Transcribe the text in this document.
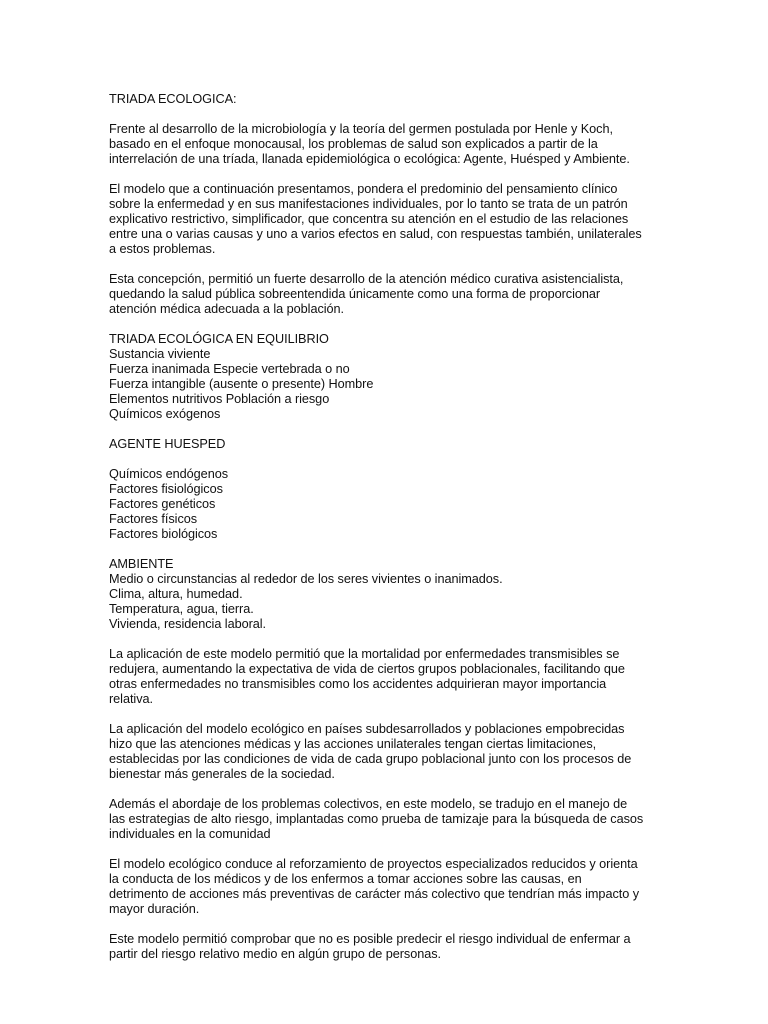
TRIADA ECOLOGICA:
Frente al desarrollo de la microbiología y la teoría del germen postulada por Henle y Koch,
basado en el enfoque monocausal, los problemas de salud son explicados a partir de la
interrelación de una tríada, llanada epidemiológica o ecológica: Agente, Huésped y Ambiente.
El modelo que a continuación presentamos, pondera el predominio del pensamiento clínico
sobre la enfermedad y en sus manifestaciones individuales, por lo tanto se trata de un patrón
explicativo restrictivo, simplificador, que concentra su atención en el estudio de las relaciones
entre una o varias causas y uno a varios efectos en salud, con respuestas también, unilaterales
a estos problemas.
Esta concepción, permitió un fuerte desarrollo de la atención médico curativa asistencialista,
quedando la salud pública sobreentendida únicamente como una forma de proporcionar
atención médica adecuada a la población.
TRIADA ECOLÓGICA EN EQUILIBRIO
Sustancia viviente
Fuerza inanimada Especie vertebrada o no
Fuerza intangible (ausente o presente) Hombre
Elementos nutritivos Población a riesgo
Químicos exógenos
AGENTE HUESPED
Químicos endógenos
Factores fisiológicos
Factores genéticos
Factores físicos
Factores biológicos
AMBIENTE
Medio o circunstancias al rededor de los seres vivientes o inanimados.
Clima, altura, humedad.
Temperatura, agua, tierra.
Vivienda, residencia laboral.
La aplicación de este modelo permitió que la mortalidad por enfermedades transmisibles se
redujera, aumentando la expectativa de vida de ciertos grupos poblacionales, facilitando que
otras enfermedades no transmisibles como los accidentes adquirieran mayor importancia
relativa.
La aplicación del modelo ecológico en países subdesarrollados y poblaciones empobrecidas
hizo que las atenciones médicas y las acciones unilaterales tengan ciertas limitaciones,
establecidas por las condiciones de vida de cada grupo poblacional junto con los procesos de
bienestar más generales de la sociedad.
Además el abordaje de los problemas colectivos, en este modelo, se tradujo en el manejo de
las estrategias de alto riesgo, implantadas como prueba de tamizaje para la búsqueda de casos
individuales en la comunidad
El modelo ecológico conduce al reforzamiento de proyectos especializados reducidos y orienta
la conducta de los médicos y de los enfermos a tomar acciones sobre las causas, en
detrimento de acciones más preventivas de carácter más colectivo que tendrían más impacto y
mayor duración.
Este modelo permitió comprobar que no es posible predecir el riesgo individual de enfermar a
partir del riesgo relativo medio en algún grupo de personas.
